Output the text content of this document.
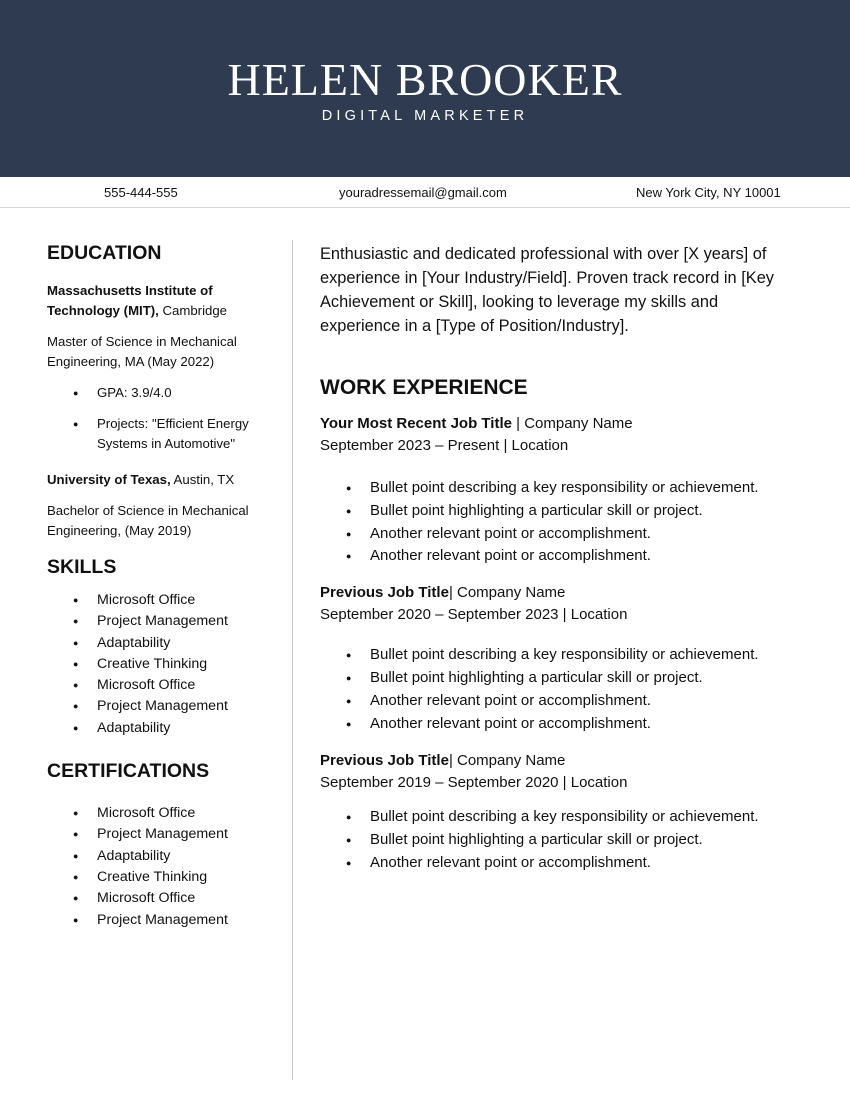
HELEN BROOKER
DIGITAL MARKETER
555-444-555	youradressemail@gmail.com	New York City, NY 10001
EDUCATION

Massachusetts Institute of Technology (MIT), Cambridge

Master of Science in Mechanical Engineering, MA (May 2022)

● GPA: 3.9/4.0
● Projects: "Efficient Energy Systems in Automotive"

University of Texas, Austin, TX

Bachelor of Science in Mechanical Engineering, (May 2019)

SKILLS
● Microsoft Office
● Project Management
● Adaptability
● Creative Thinking
● Microsoft Office
● Project Management
● Adaptability
CERTIFICATIONS
● Microsoft Office
● Project Management
● Adaptability
● Creative Thinking
● Microsoft Office
● Project Management

Enthusiastic and dedicated professional with over [X years] of experience in [Your Industry/Field]. Proven track record in [Key Achievement or Skill], looking to leverage my skills and experience in a [Type of Position/Industry].

WORK EXPERIENCE
Your Most Recent Job Title | Company Name
September 2023 – Present | Location
● Bullet point describing a key responsibility or achievement.
● Bullet point highlighting a particular skill or project.
● Another relevant point or accomplishment.
● Another relevant point or accomplishment.
Previous Job Title| Company Name
September 2020 – September 2023 | Location
● Bullet point describing a key responsibility or achievement.
● Bullet point highlighting a particular skill or project.
● Another relevant point or accomplishment.
● Another relevant point or accomplishment.
Previous Job Title| Company Name
September 2019 – September 2020 | Location
● Bullet point describing a key responsibility or achievement.
● Bullet point highlighting a particular skill or project.
● Another relevant point or accomplishment.
